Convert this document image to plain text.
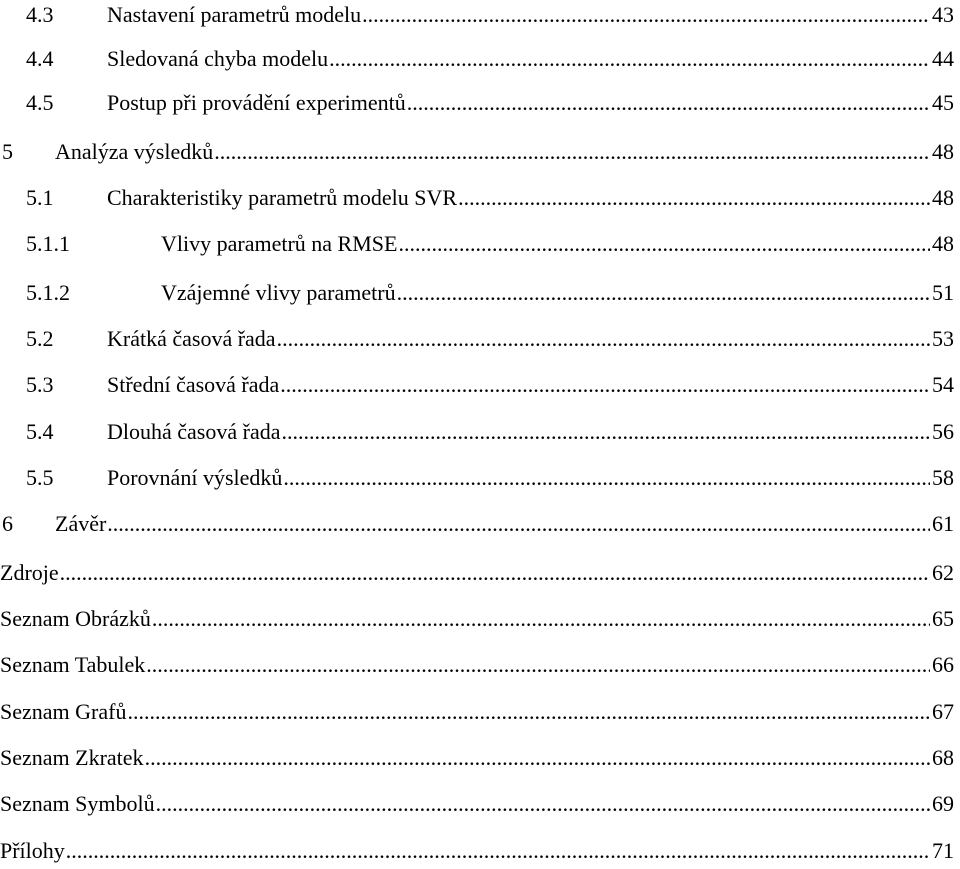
4.3	Nastavení parametrů modelu .....	43
4.4	Sledovaná chyba modelu .....	44
4.5	Postup při provádění experimentů .....	45
5	Analýza výsledků .....	48
5.1	Charakteristiky parametrů modelu SVR .....	48
5.1.1	Vlivy parametrů na RMSE .....	48
5.1.2	Vzájemné vlivy parametrů .....	51
5.2	Krátká časová řada .....	53
5.3	Střední časová řada .....	54
5.4	Dlouhá časová řada .....	56
5.5	Porovnání výsledků .....	58
6	Závěr .....	61
Zdroje .....	62
Seznam Obrázků .....	65
Seznam Tabulek .....	66
Seznam Grafů .....	67
Seznam Zkratek .....	68
Seznam Symbolů .....	69
Přílohy .....	71
